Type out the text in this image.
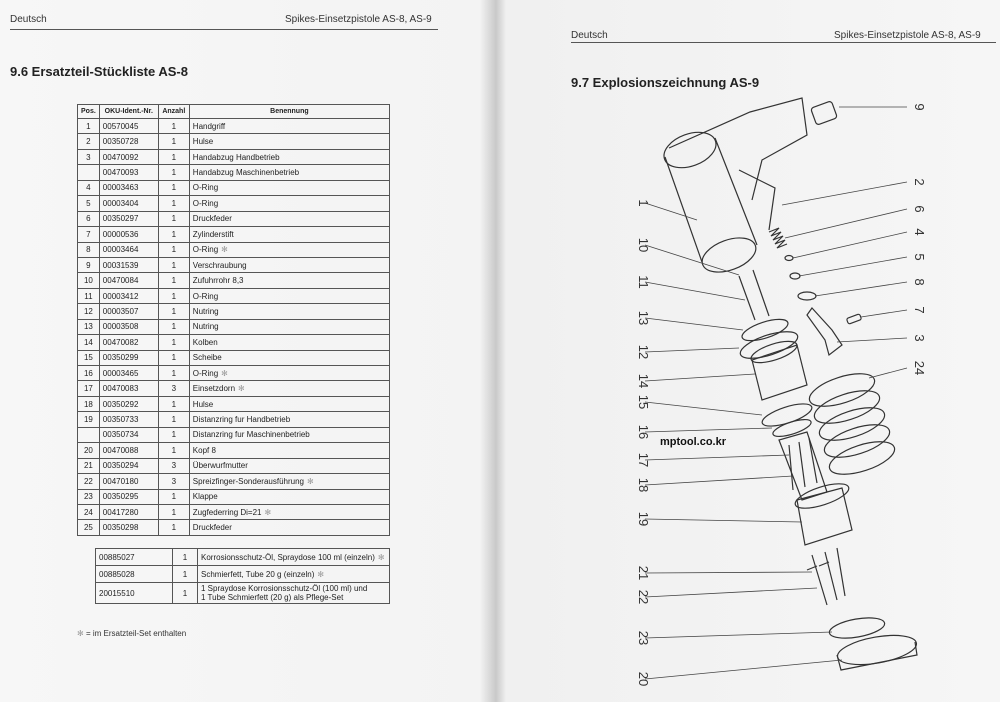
Deutsch	Spikes-Einsetzpistole AS-8, AS-9
9.6 Ersatzteil-Stückliste AS-8
Pos.	OKU-Ident.-Nr.	Anzahl	Benennung
1	00570045	1	Handgriff
2	00350728	1	Hulse
3	00470092	1	Handabzug Handbetrieb
	00470093	1	Handabzug Maschinenbetrieb
4	00003463	1	O-Ring
5	00003404	1	O-Ring
6	00350297	1	Druckfeder
7	00000536	1	Zylinderstift
8	00003464	1	O-Ring ✻
9	00031539	1	Verschraubung
10	00470084	1	Zufuhrrohr 8,3
11	00003412	1	O-Ring
12	00003507	1	Nutring
13	00003508	1	Nutring
14	00470082	1	Kolben
15	00350299	1	Scheibe
16	00003465	1	O-Ring ✻
17	00470083	3	Einsetzdorn ✻
18	00350292	1	Hulse
19	00350733	1	Distanzring fur Handbetrieb
	00350734	1	Distanzring fur Maschinenbetrieb
20	00470088	1	Kopf 8
21	00350294	3	Überwurfmutter
22	00470180	3	Spreizfinger-Sonderausführung ✻
23	00350295	1	Klappe
24	00417280	1	Zugfederring Di=21 ✻
25	00350298	1	Druckfeder
00885027	1	Korrosionsschutz-Öl, Spraydose 100 ml (einzeln) ✻
00885028	1	Schmierfett, Tube 20 g (einzeln) ✻
20015510	1	1 Spraydose Korrosionsschutz-Öl (100 ml) und
1 Tube Schmierfett (20 g) als Pflege-Set
✻ = im Ersatzteil-Set enthalten
Deutsch	Spikes-Einsetzpistole AS-8, AS-9
9.7 Explosionszeichnung AS-9
1
10
11
13
12
14
15
16
17
18
19
21
22
23
20
9
2
6
4
5
8
7
3
24
mptool.co.kr
